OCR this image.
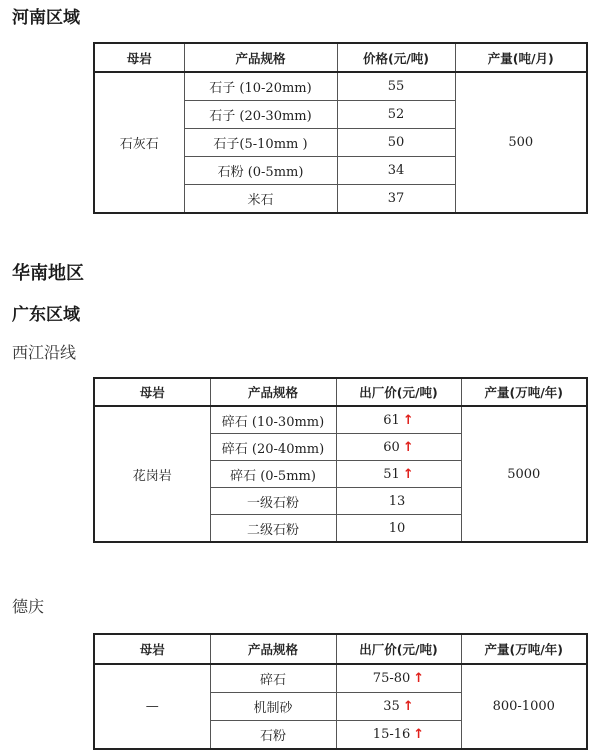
河南区域
母岩	产品规格	价格(元/吨)	产量(吨/月)
石灰石	石子 (10-20mm)	55	500
	石子 (20-30mm)	52	
	石子(5-10mm )	50	
	石粉 (0-5mm)	34	
	米石	37	
华南地区
广东区域

西江沿线

母岩	产品规格	出厂价(元/吨)	产量(万吨/年)
花岗岩	碎石 (10-30mm)	61 ↑	5000
	碎石 (20-40mm)	60 ↑	
	碎石 (0-5mm)	51 ↑	
	一级石粉	13	
	二级石粉	10	

德庆

母岩	产品规格	出厂价(元/吨)	产量(万吨/年)
—	碎石	75-80 ↑	800-1000
	机制砂	35 ↑	
	石粉	15-16 ↑	
